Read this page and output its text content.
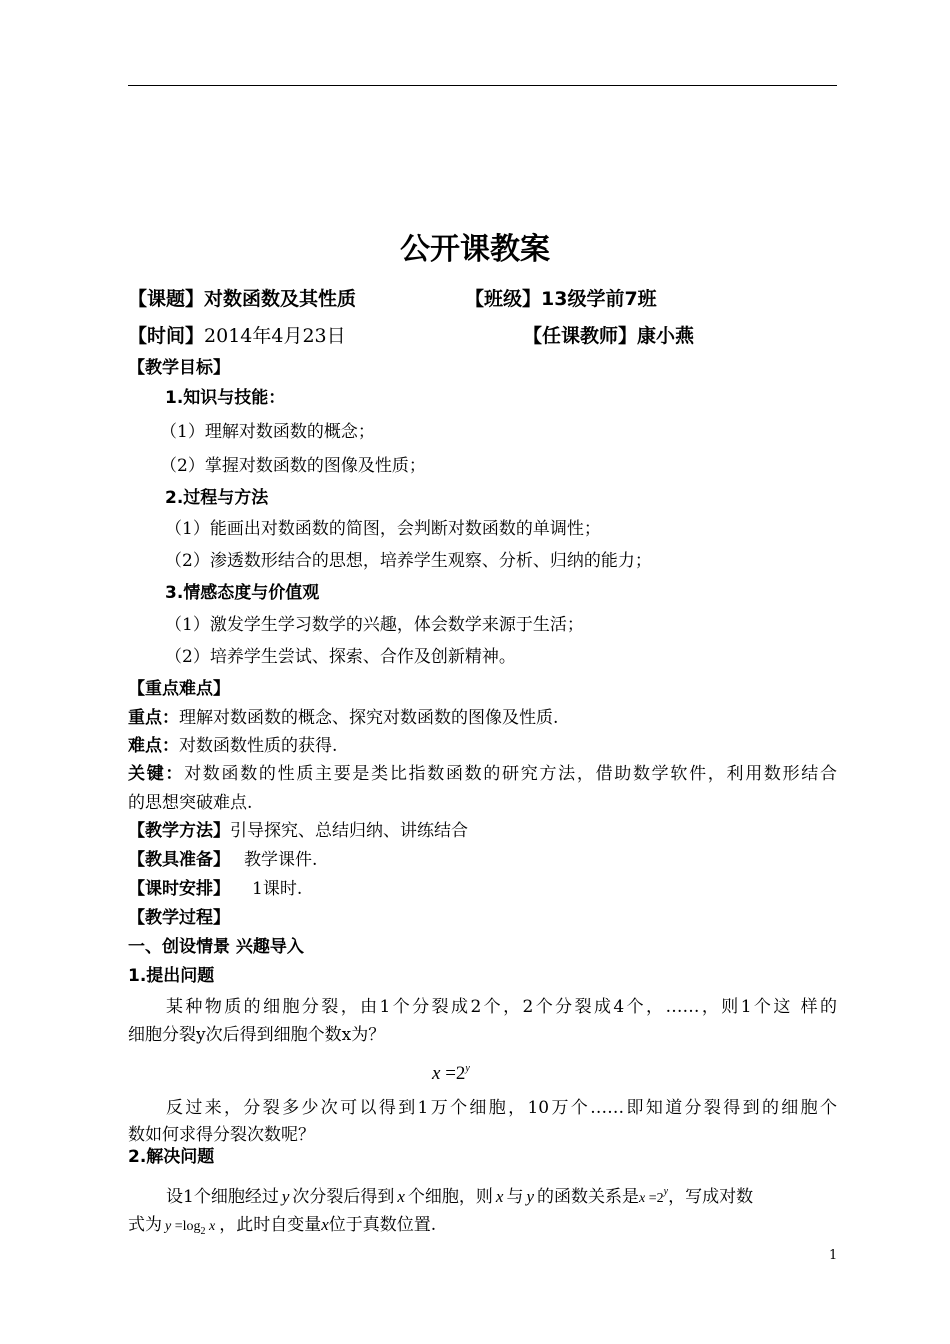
公开课教案
【课题】对数函数及其性质	【班级】13级学前7班
【时间】2014年4月23日	【任课教师】康小燕
【教学目标】
1.知识与技能：
（1）理解对数函数的概念；
（2）掌握对数函数的图像及性质；
2.过程与方法
（1）能画出对数函数的简图，会判断对数函数的单调性；
（2）渗透数形结合的思想，培养学生观察、分析、归纳的能力；
3.情感态度与价值观
（1）激发学生学习数学的兴趣，体会数学来源于生活；
（2）培养学生尝试、探索、合作及创新精神。
【重点难点】
重点：理解对数函数的概念、探究对数函数的图像及性质.
难点：对数函数性质的获得.
关键：对数函数的性质主要是类比指数函数的研究方法，借助数学软件，利用数形结合
的思想突破难点.
【教学方法】引导探究、总结归纳、讲练结合
【教具准备】 教学课件.
【课时安排】 1课时.
【教学过程】
一、创设情景 兴趣导入
1.提出问题
某种物质的细胞分裂，由1个分裂成2个，2个分裂成4个，……，则1个这 样的
细胞分裂y次后得到细胞个数x为？
$x =2^y$
反过来，分裂多少次可以得到1万个细胞，10万个……即知道分裂得到的细胞个
数如何求得分裂次数呢？
2.解决问题
设1个细胞经过 y 次分裂后得到 x 个细胞，则 x 与 y 的函数关系是$x =2^y$，写成对数
式为 $y =\log_2$ x ，此时自变量x位于真数位置.
1
